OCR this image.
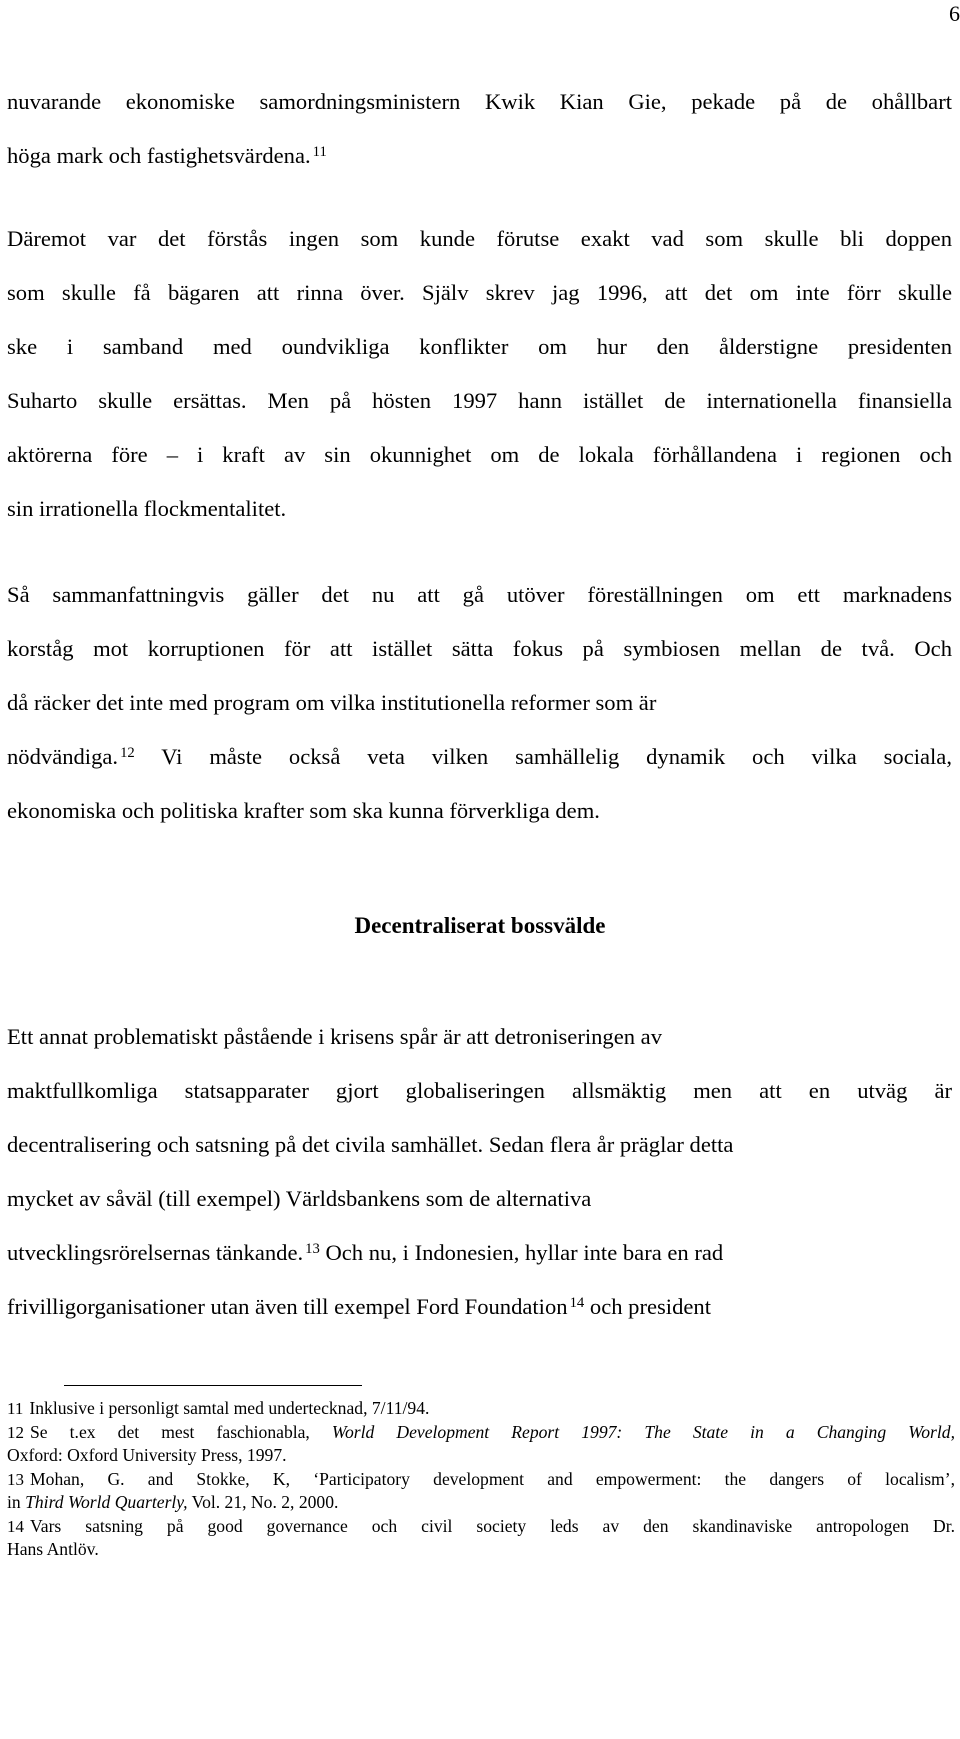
6
nuvarande ekonomiske samordningsministern Kwik Kian Gie, pekade på de ohållbart
höga mark och fastighetsvärdena. $^{11}$
Däremot var det förstås ingen som kunde förutse exakt vad som skulle bli doppen
som skulle få bägaren att rinna över. Själv skrev jag 1996, att det om inte förr skulle
ske i samband med oundvikliga konflikter om hur den ålderstigne presidenten
Suharto skulle ersättas. Men på hösten 1997 hann istället de internationella finansiella
aktörerna före – i kraft av sin okunnighet om de lokala förhållandena i regionen och
sin irrationella flockmentalitet.
Så sammanfattningvis gäller det nu att gå utöver föreställningen om ett marknadens
korståg mot korruptionen för att istället sätta fokus på symbiosen mellan de två. Och
då räcker det inte med program om vilka institutionella reformer som är
nödvändiga. $^{12}$ Vi måste också veta vilken samhällelig dynamik och vilka sociala,
ekonomiska och politiska krafter som ska kunna förverkliga dem.
Decentraliserat bossvälde
Ett annat problematiskt påstående i krisens spår är att detroniseringen av
maktfullkomliga statsapparater gjort globaliseringen allsmäktig men att en utväg är
decentralisering och satsning på det civila samhället. Sedan flera år präglar detta
mycket av såväl (till exempel) Världsbankens som de alternativa
utvecklingsrörelsernas tänkande. $^{13}$ Och nu, i Indonesien, hyllar inte bara en rad
frivilligorganisationer utan även till exempel Ford Foundation $^{14}$ och president
11 Inklusive i personligt samtal med undertecknad, 7/11/94.
12 Se t.ex det mest faschionabla, World Development Report 1997: The State in a Changing World,
Oxford: Oxford University Press, 1997.
13 Mohan, G. and Stokke, K, ‘Participatory development and empowerment: the dangers of localism’,
in Third World Quarterly, Vol. 21, No. 2, 2000.
14 Vars satsning på good governance och civil society leds av den skandinaviske antropologen Dr.
Hans Antlöv.
